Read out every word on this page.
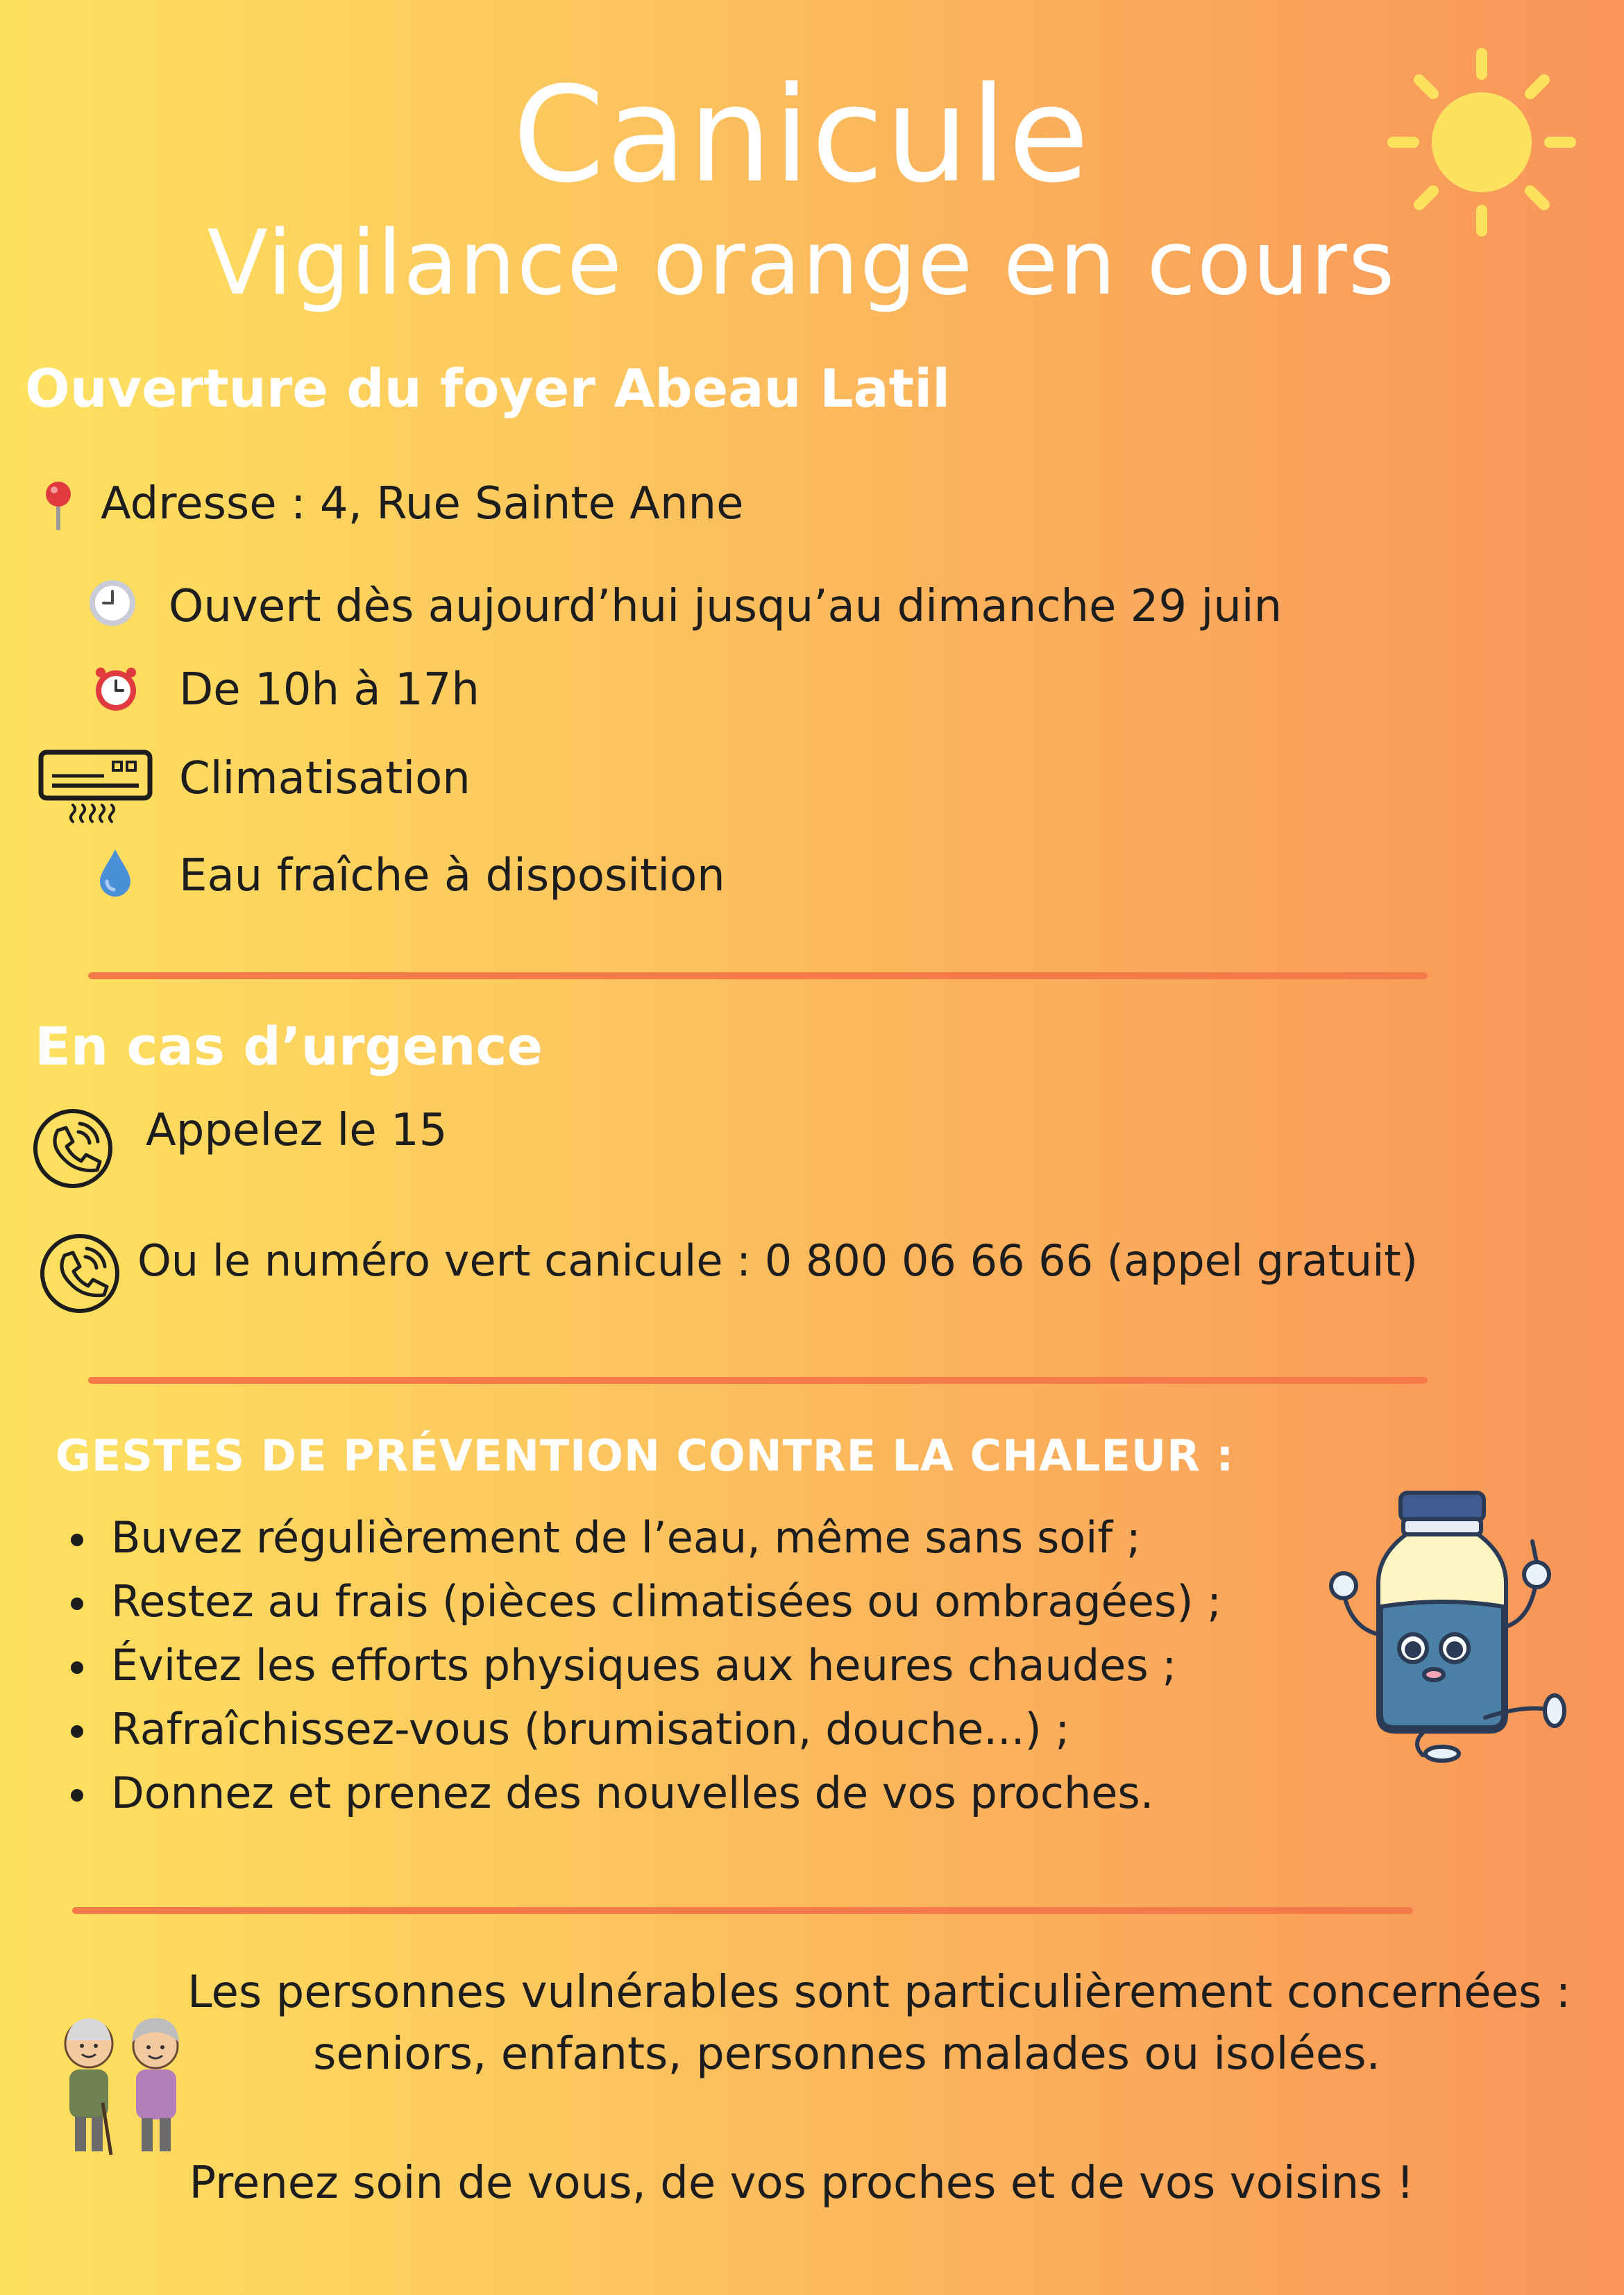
Canicule
Vigilance orange en cours
Ouverture du foyer Abeau Latil
Adresse : 4, Rue Sainte Anne
Ouvert dès aujourd’hui jusqu’au dimanche 29 juin
De 10h à 17h
Climatisation
Eau fraîche à disposition
En cas d’urgence
Appelez le 15
Ou le numéro vert canicule : 0 800 06 66 66 (appel gratuit)
GESTES DE PRÉVENTION CONTRE LA CHALEUR :
Buvez régulièrement de l’eau, même sans soif ;
Restez au frais (pièces climatisées ou ombragées) ;
Évitez les efforts physiques aux heures chaudes ;
Rafraîchissez-vous (brumisation, douche...) ;
Donnez et prenez des nouvelles de vos proches.
Les personnes vulnérables sont particulièrement concernées :
seniors, enfants, personnes malades ou isolées.
Prenez soin de vous, de vos proches et de vos voisins !
